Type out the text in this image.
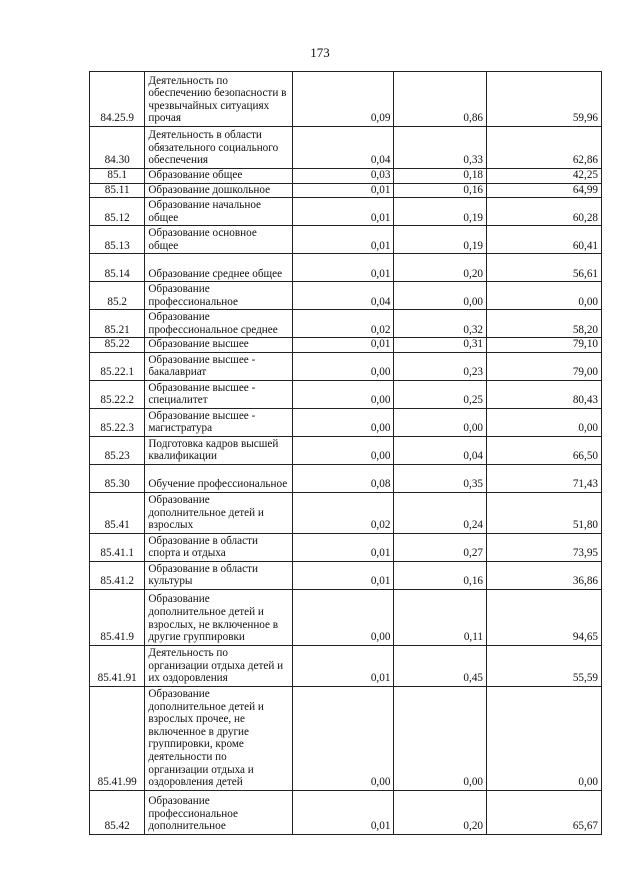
173
84.25.9	Деятельность по обеспечению безопасности в чрезвычайных ситуациях прочая	0,09	0,86	59,96
84.30	Деятельность в области обязательного социального обеспечения	0,04	0,33	62,86
85.1	Образование общее	0,03	0,18	42,25
85.11	Образование дошкольное	0,01	0,16	64,99
85.12	Образование начальное общее	0,01	0,19	60,28
85.13	Образование основное общее	0,01	0,19	60,41
85.14	Образование среднее общее	0,01	0,20	56,61
85.2	Образование профессиональное	0,04	0,00	0,00
85.21	Образование профессиональное среднее	0,02	0,32	58,20
85.22	Образование высшее	0,01	0,31	79,10
85.22.1	Образование высшее - бакалавриат	0,00	0,23	79,00
85.22.2	Образование высшее - специалитет	0,00	0,25	80,43
85.22.3	Образование высшее - магистратура	0,00	0,00	0,00
85.23	Подготовка кадров высшей квалификации	0,00	0,04	66,50
85.30	Обучение профессиональное	0,08	0,35	71,43
85.41	Образование дополнительное детей и взрослых	0,02	0,24	51,80
85.41.1	Образование в области спорта и отдыха	0,01	0,27	73,95
85.41.2	Образование в области культуры	0,01	0,16	36,86
85.41.9	Образование дополнительное детей и взрослых, не включенное в другие группировки	0,00	0,11	94,65
85.41.91	Деятельность по организации отдыха детей и их оздоровления	0,01	0,45	55,59
85.41.99	Образование дополнительное детей и взрослых прочее, не включенное в другие группировки, кроме деятельности по организации отдыха и оздоровления детей	0,00	0,00	0,00
85.42	Образование профессиональное дополнительное	0,01	0,20	65,67
